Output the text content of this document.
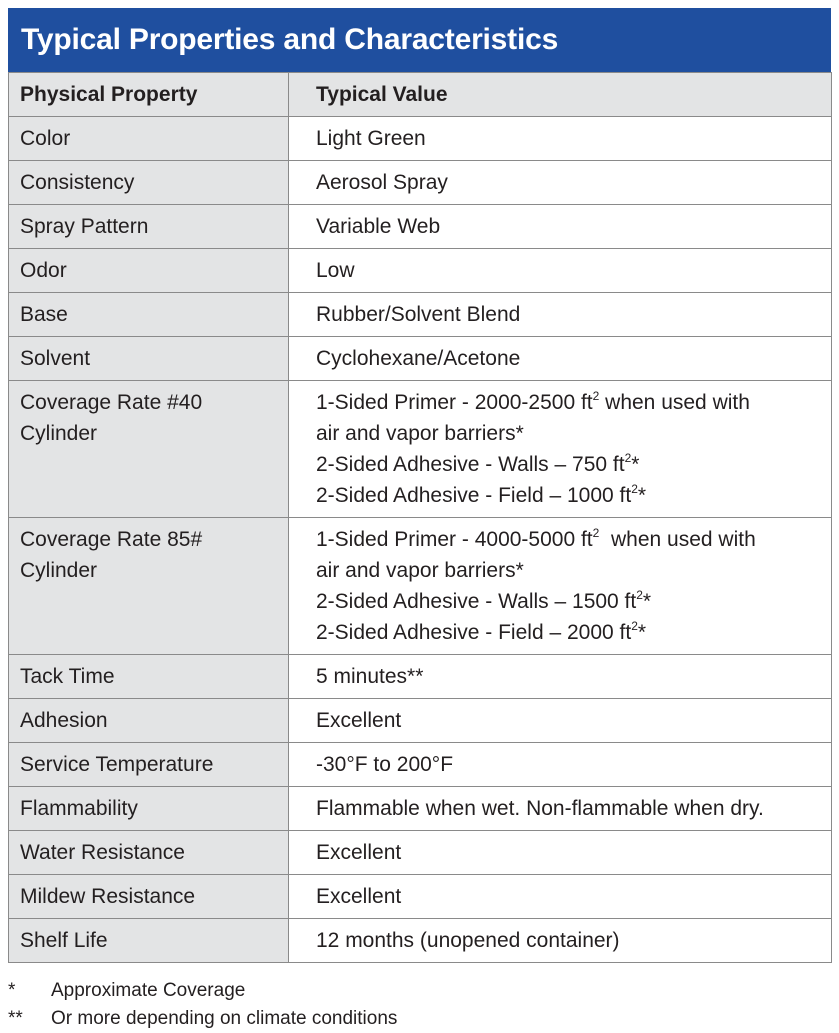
Typical Properties and Characteristics
Physical Property	Typical Value

Color	Light Green

Consistency	Aerosol Spray

Spray Pattern	Variable Web

Odor	Low

Base	Rubber/Solvent Blend

Solvent	Cyclohexane/Acetone

Coverage Rate #40
Cylinder	1-Sided Primer - 2000-2500 $ft^2$ when used with
air and vapor barriers*
2-Sided Adhesive - Walls – 750 $ft^2*$
2-Sided Adhesive - Field – 1000 $ft^2*$

Coverage Rate 85#
Cylinder	1-Sided Primer - 4000-5000 $ft^2$  when used with
air and vapor barriers*
2-Sided Adhesive - Walls – 1500 $ft^2*$
2-Sided Adhesive - Field – 2000 $ft^2*$

Tack Time	5 minutes**

Adhesion	Excellent

Service Temperature	-30°F to 200°F

Flammability	Flammable when wet. Non-flammable when dry.

Water Resistance	Excellent

Mildew Resistance	Excellent

Shelf Life	12 months (unopened container)
*	Approximate Coverage
**	Or more depending on climate conditions
